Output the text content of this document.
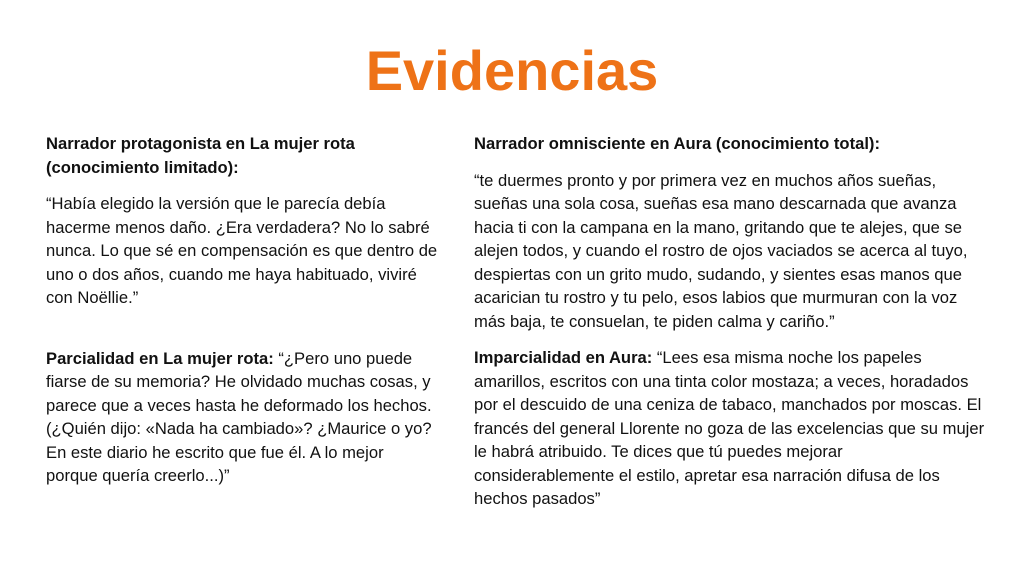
Evidencias

Narrador protagonista en La mujer rota (conocimiento limitado):

“Había elegido la versión que le parecía debía hacerme menos daño. ¿Era verdadera? No lo sabré nunca. Lo que sé en compensación es que dentro de uno o dos años, cuando me haya habituado, viviré con Noëllie.”

Parcialidad en La mujer rota: “¿Pero uno puede fiarse de su memoria? He olvidado muchas cosas, y parece que a veces hasta he deformado los hechos. (¿Quién dijo: «Nada ha cambiado»? ¿Maurice o yo? En este diario he escrito que fue él. A lo mejor porque quería creerlo...)”

Narrador omnisciente en Aura (conocimiento total):

“te duermes pronto y por primera vez en muchos años sueñas, sueñas una sola cosa, sueñas esa mano descarnada que avanza hacia ti con la campana en la mano, gritando que te alejes, que se alejen todos, y cuando el rostro de ojos vaciados se acerca al tuyo, despiertas con un grito mudo, sudando, y sientes esas manos que acarician tu rostro y tu pelo, esos labios que murmuran con la voz más baja, te consuelan, te piden calma y cariño.”

Imparcialidad en Aura: “Lees esa misma noche los papeles amarillos, escritos con una tinta color mostaza; a veces, horadados por el descuido de una ceniza de tabaco, manchados por moscas. El francés del general Llorente no goza de las excelencias que su mujer le habrá atribuido. Te dices que tú puedes mejorar considerablemente el estilo, apretar esa narración difusa de los hechos pasados”
